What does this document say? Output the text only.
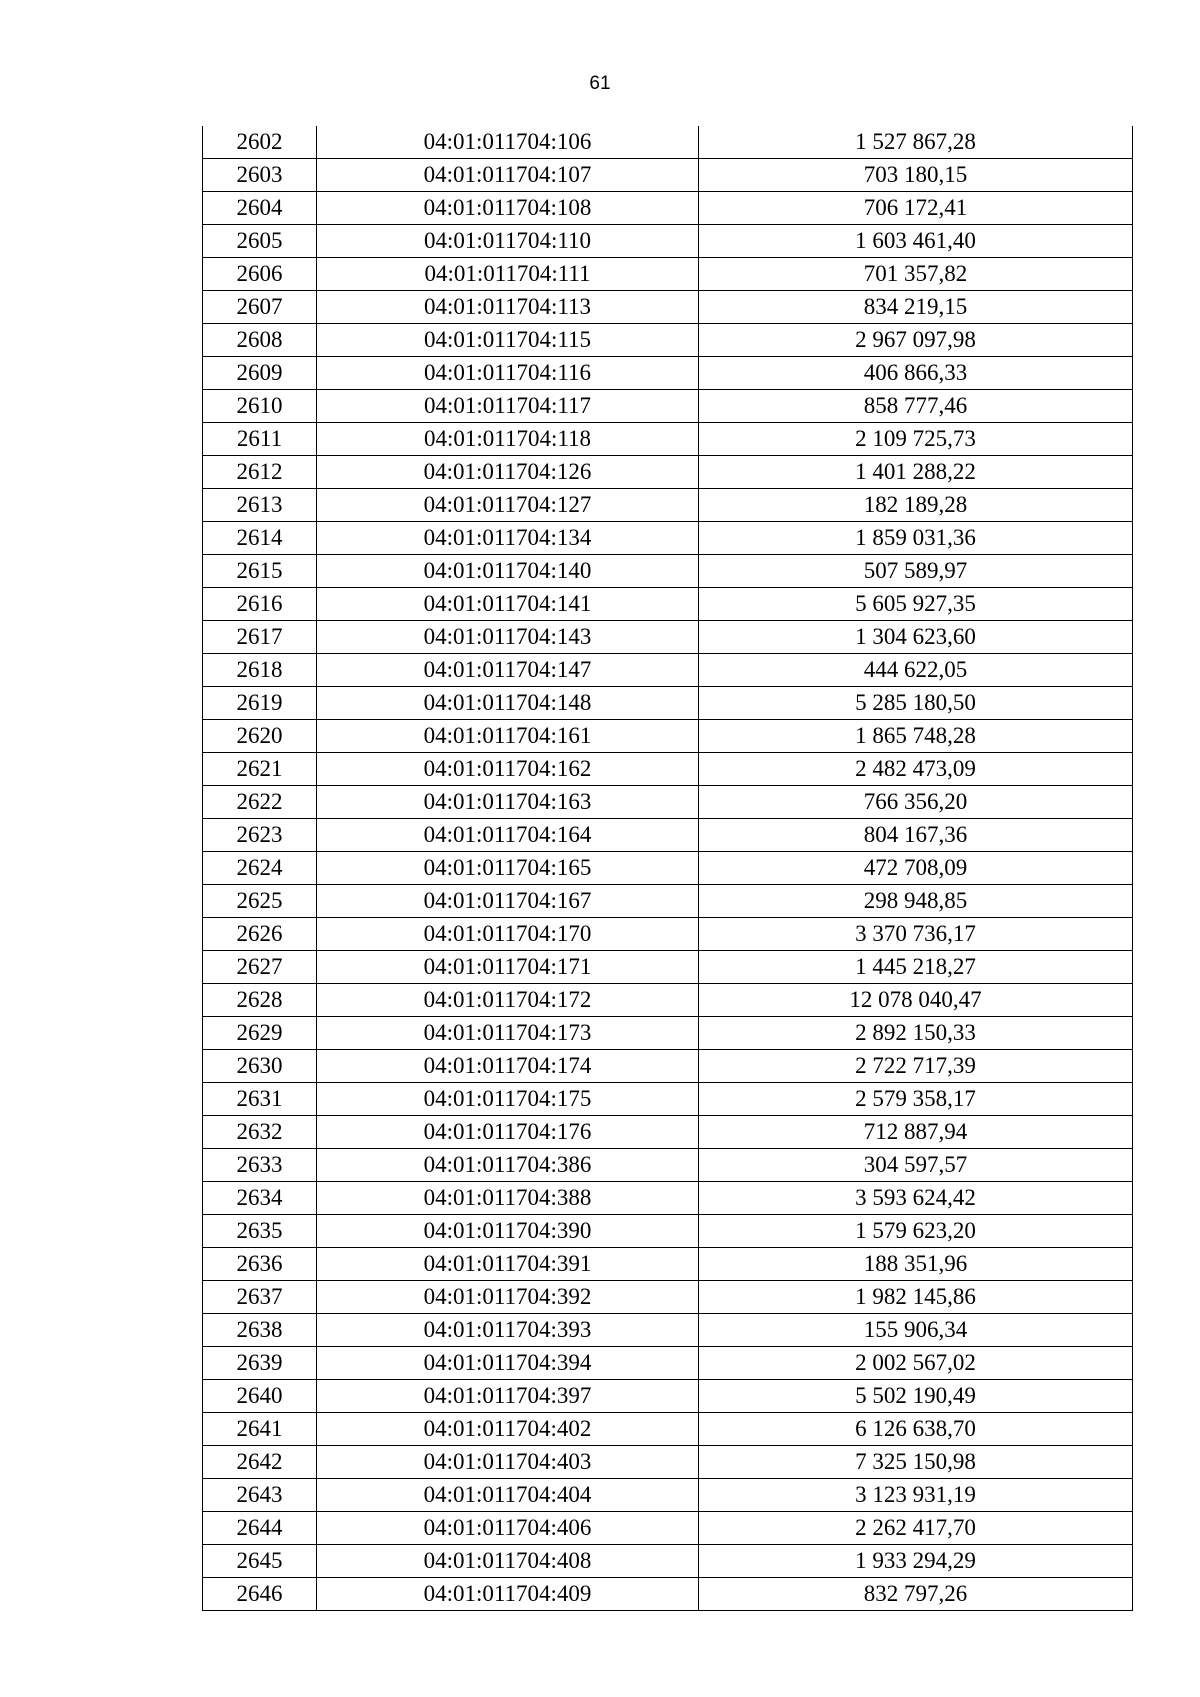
61
2602	04:01:011704:106	1 527 867,28
2603	04:01:011704:107	703 180,15
2604	04:01:011704:108	706 172,41
2605	04:01:011704:110	1 603 461,40
2606	04:01:011704:111	701 357,82
2607	04:01:011704:113	834 219,15
2608	04:01:011704:115	2 967 097,98
2609	04:01:011704:116	406 866,33
2610	04:01:011704:117	858 777,46
2611	04:01:011704:118	2 109 725,73
2612	04:01:011704:126	1 401 288,22
2613	04:01:011704:127	182 189,28
2614	04:01:011704:134	1 859 031,36
2615	04:01:011704:140	507 589,97
2616	04:01:011704:141	5 605 927,35
2617	04:01:011704:143	1 304 623,60
2618	04:01:011704:147	444 622,05
2619	04:01:011704:148	5 285 180,50
2620	04:01:011704:161	1 865 748,28
2621	04:01:011704:162	2 482 473,09
2622	04:01:011704:163	766 356,20
2623	04:01:011704:164	804 167,36
2624	04:01:011704:165	472 708,09
2625	04:01:011704:167	298 948,85
2626	04:01:011704:170	3 370 736,17
2627	04:01:011704:171	1 445 218,27
2628	04:01:011704:172	12 078 040,47
2629	04:01:011704:173	2 892 150,33
2630	04:01:011704:174	2 722 717,39
2631	04:01:011704:175	2 579 358,17
2632	04:01:011704:176	712 887,94
2633	04:01:011704:386	304 597,57
2634	04:01:011704:388	3 593 624,42
2635	04:01:011704:390	1 579 623,20
2636	04:01:011704:391	188 351,96
2637	04:01:011704:392	1 982 145,86
2638	04:01:011704:393	155 906,34
2639	04:01:011704:394	2 002 567,02
2640	04:01:011704:397	5 502 190,49
2641	04:01:011704:402	6 126 638,70
2642	04:01:011704:403	7 325 150,98
2643	04:01:011704:404	3 123 931,19
2644	04:01:011704:406	2 262 417,70
2645	04:01:011704:408	1 933 294,29
2646	04:01:011704:409	832 797,26
